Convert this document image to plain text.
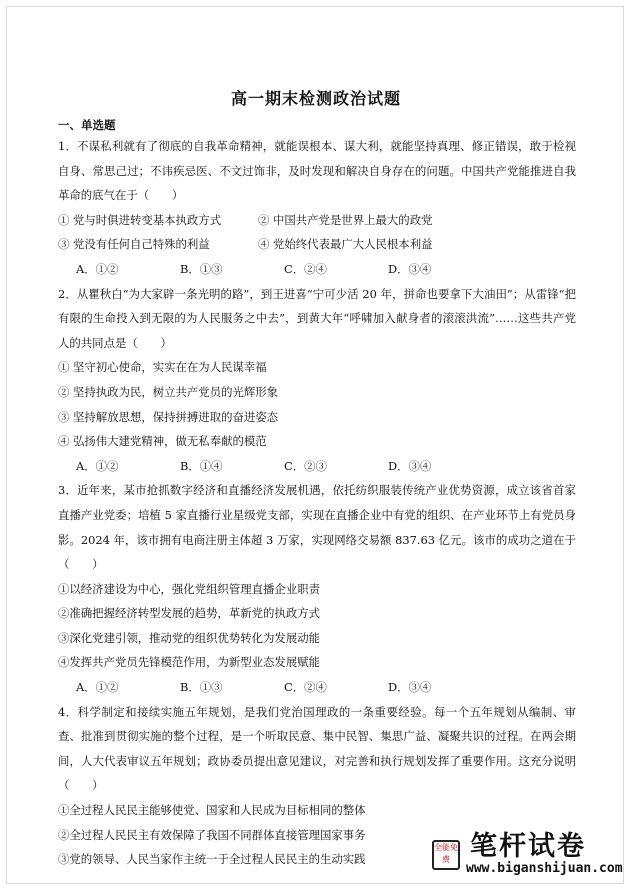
高一期末检测政治试题
一、单选题
1．不谋私利就有了彻底的自我革命精神，就能误根本、谋大利，就能坚持真理、修正错误，敢于检视自身、常思己过；不讳疾忌医、不文过饰非，及时发现和解决自身存在的问题。中国共产党能推进自我革命的底气在于（　　）
① 党与时俱进转变基本执政方式	② 中国共产党是世界上最大的政党
③ 党没有任何自己特殊的利益	④ 党始终代表最广大人民根本利益
A．①②	B．①③	C．②④	D．③④
2．从瞿秋白“为大家辟一条光明的路”，到王进喜“宁可少活 20 年，拼命也要拿下大油田”；从雷锋“把有限的生命投入到无限的为人民服务之中去”，到黄大年“呼啸加入献身者的滚滚洪流”……这些共产党人的共同点是（　　）
① 坚守初心使命，实实在在为人民谋幸福
② 坚持执政为民，树立共产党员的光辉形象
③ 坚持解放思想，保持拼搏进取的奋进姿态
④ 弘扬伟大建党精神，做无私奉献的模范
A．①②	B．①④	C．②③	D．③④
3．近年来，某市抢抓数字经济和直播经济发展机遇，依托纺织服装传统产业优势资源，成立该省首家直播产业党委；培植 5 家直播行业星级党支部，实现在直播企业中有党的组织、在产业环节上有党员身影。2024 年，该市拥有电商注册主体超 3 万家，实现网络交易额 837.63 亿元。该市的成功之道在于（　　）
①以经济建设为中心，强化党组织管理直播企业职责
②准确把握经济转型发展的趋势，革新党的执政方式
③深化党建引领，推动党的组织优势转化为发展动能
④发挥共产党员先锋模范作用，为新型业态发展赋能
A．①②	B．①③	C．②④	D．③④
4．科学制定和接续实施五年规划，是我们党治国理政的一条重要经验。每一个五年规划从编制、审查、批准到贯彻实施的整个过程，是一个听取民意、集中民智、集思广益、凝聚共识的过程。在两会期间，人大代表审议五年规划；政协委员提出意见建议，对完善和执行规划发挥了重要作用。这充分说明（　　）
①全过程人民民主能够使党、国家和人民成为目标相同的整体
②全过程人民民主有效保障了我国不同群体直接管理国家事务
③党的领导、人民当家作主统一于全过程人民民主的生动实践
全能免费 笔杆试卷
www.biganshijuan.com
